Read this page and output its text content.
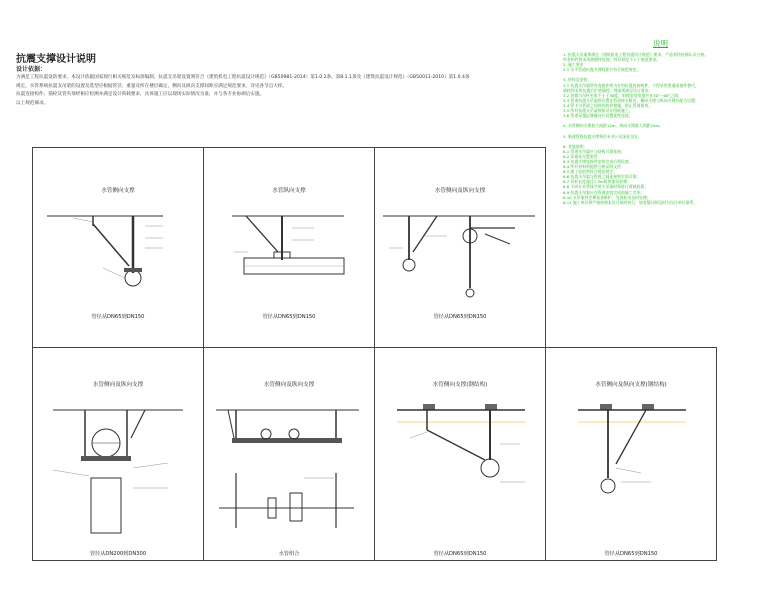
抗震支撑设计说明
设计依据：

为满足工程抗震设防要求，本设计依据国家现行相关规范及标准编制，抗震支吊架设置须符合《建筑机电工程抗震设计规范》（GB50981-2014）第1.0.2条、第8.1.1条及《建筑抗震设计规范》（GB50011-2010）第1.0.4条

规定。水管系统抗震支吊架的设置及选型应根据管径、重量及所在楼层确定，侧向及纵向支撑间距应满足规范要求，详见各节点大样。

抗震连接构件、锚栓及管夹须经相应检测并满足设计荷载要求，具体施工应以现场实际情况为准，并与各专业协调后实施。

以上规范摘录。

说明
1. 抗震支吊架须满足《建筑机电工程抗震设计规范》要求，产品须经检测认证合格。
所有构件须采用热镀锌处理，锌层厚度不小于规范要求。
2. 施工要求：
2.1 水平管道抗震支撑间距应符合规范规定。

3. 材料及安装：
3.1 抗震支吊架所有连接件须为专用抗震连接构件，不得采用普通连接件替代，
锚栓须采用抗震后扩底锚栓，埋深须满足设计要求；
3.2 斜撑与吊杆夹角不小于30度，斜撑安装角度应在30°~60°之间；
3.3 管道抗震支吊架须设置在管道接头附近，侧向支撑与纵向支撑应配合设置；
3.4 管卡与管道之间须有防护措施，防止管道损伤。
3.5 所有抗震支吊架须按设计图纸施工。
3.6 管道穿越沉降缝处应设置柔性连接。

4. 水管侧向支撑最大间距12m，纵向支撑最大间距24m。

5. 新建管线抗震支撑须由专业公司深化设计。

6. 其他说明：
6.1 管道支吊架应与结构可靠连接；
6.2 穿墙处设置套管；
6.3 抗震支撑连接件安装完成后须检查；
6.4 所有材料须提供合格证明文件；
6.5 竣工验收须符合规范规定；
6.6 抗震支吊架与管道之间连接须牢固可靠；
6.7 吊杆长度超过1.5m时须加设斜撑；
6.8 不同专业管线共用支吊架时须进行荷载验算；
6.9 抗震支吊架应在管道安装完成前施工完毕；
6.10 支吊架须定期检查维护，发现松动及时处理；
6.11 施工单位须严格按照本设计说明执行，如有疑问须及时与设计单位联系。
水管侧向支撑
管径从DN65到DN150
水管纵向支撑
管径从DN65到DN150
水管侧向及纵向支撑
管径从DN65到DN150
水管侧向及纵向支撑
管径从DN200到DN300
水管侧向及纵向支撑
水管组合
水管侧向支撑(钢结构)
管径从DN65到DN150
水管侧向及纵向支撑(钢结构)
管径从DN65到DN150
